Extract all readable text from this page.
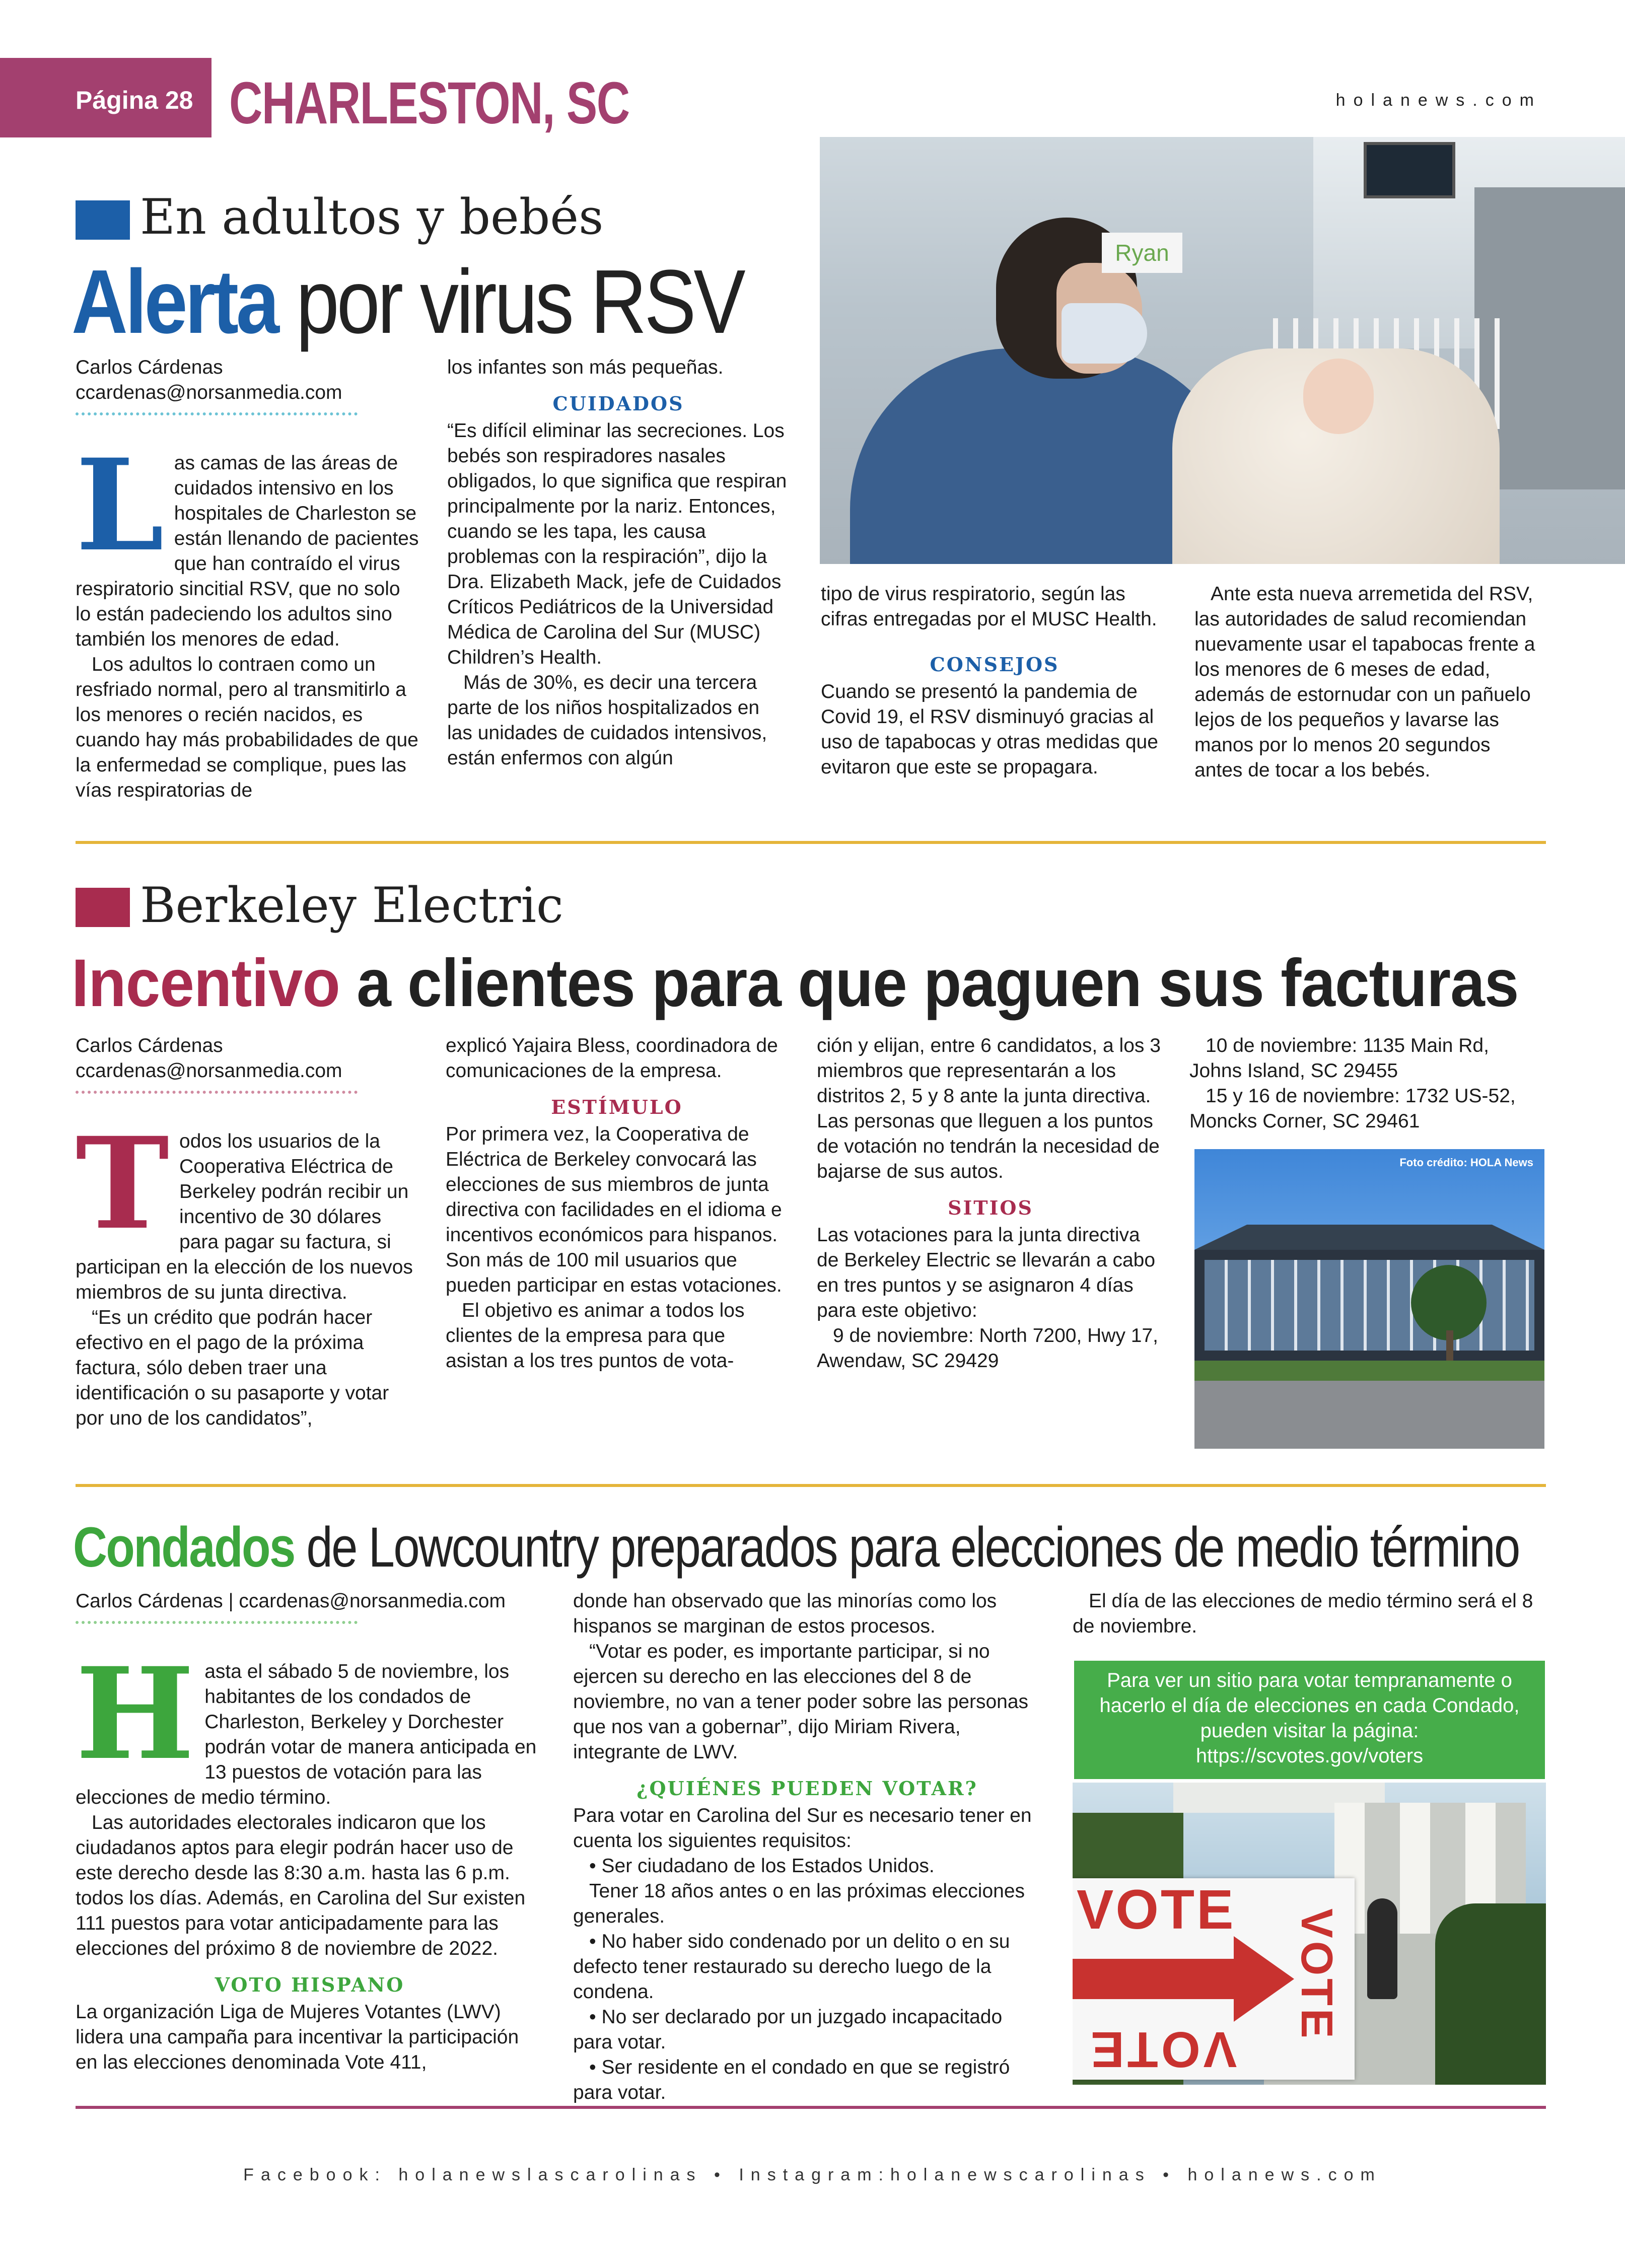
Página 28 CHARLESTON, SC	holanews.com
En adultos y bebés
Alerta por virus RSV	Ryan
Carlos Cárdenas
ccardenas@norsanmedia.com
L as camas de las áreas de cuidados intensivo en los hospitales de Charleston se están llenando de pacientes que han contraído el virus respiratorio sincitial RSV, que no solo lo están padeciendo los adultos sino también los menores de edad.

Los adultos lo contraen como un resfriado normal, pero al transmitirlo a los menores o recién nacidos, es cuando hay más probabilidades de que la enfermedad se complique, pues las vías respiratorias de

los infantes son más pequeñas.

CUIDADOS

“Es difícil eliminar las secreciones. Los bebés son respiradores nasales obligados, lo que significa que respiran principalmente por la nariz. Entonces, cuando se les tapa, les causa problemas con la respiración”, dijo la Dra. Elizabeth Mack, jefe de Cuidados Críticos Pediátricos de la Universidad Médica de Carolina del Sur (MUSC) Children’s Health.

Más de 30%, es decir una tercera parte de los niños hospitalizados en las unidades de cuidados intensivos, están enfermos con algún

tipo de virus respiratorio, según las cifras entregadas por el MUSC Health.

CONSEJOS

Cuando se presentó la pandemia de Covid 19, el RSV disminuyó gracias al uso de tapabocas y otras medidas que evitaron que este se propagara.

Ante esta nueva arremetida del RSV, las autoridades de salud recomiendan nuevamente usar el tapabocas frente a los menores de 6 meses de edad, además de estornudar con un pañuelo lejos de los pequeños y lavarse las manos por lo menos 20 segundos antes de tocar a los bebés.

Berkeley Electric
Incentivo a clientes para que paguen sus facturas
Carlos Cárdenas
ccardenas@norsanmedia.com
T odos los usuarios de la Cooperativa Eléctrica de Berkeley podrán recibir un incentivo de 30 dólares para pagar su factura, si participan en la elección de los nuevos miembros de su junta directiva.

“Es un crédito que podrán hacer efectivo en el pago de la próxima factura, sólo deben traer una identificación o su pasaporte y votar por uno de los candidatos”,

explicó Yajaira Bless, coordinadora de comunicaciones de la empresa.

ESTÍMULO

Por primera vez, la Cooperativa de Eléctrica de Berkeley convocará las elecciones de sus miembros de junta directiva con facilidades en el idioma e incentivos económicos para hispanos. Son más de 100 mil usuarios que pueden participar en estas votaciones.

El objetivo es animar a todos los clientes de la empresa para que asistan a los tres puntos de vota-

ción y elijan, entre 6 candidatos, a los 3 miembros que representarán a los distritos 2, 5 y 8 ante la junta directiva. Las personas que lleguen a los puntos de votación no tendrán la necesidad de bajarse de sus autos.

SITIOS

Las votaciones para la junta directiva de Berkeley Electric se llevarán a cabo en tres puntos y se asignaron 4 días para este objetivo:

9 de noviembre: North 7200, Hwy 17, Awendaw, SC 29429

10 de noviembre: 1135 Main Rd, Johns Island, SC 29455

15 y 16 de noviembre: 1732 US-52, Moncks Corner, SC 29461

Foto crédito: HOLA News
Condados de Lowcountry preparados para elecciones de medio término
Carlos Cárdenas | ccardenas@norsanmedia.com
H asta el sábado 5 de noviembre, los habitantes de los condados de Charleston, Berkeley y Dorchester podrán votar de manera anticipada en 13 puestos de votación para las elecciones de medio término.

Las autoridades electorales indicaron que los ciudadanos aptos para elegir podrán hacer uso de este derecho desde las 8:30 a.m. hasta las 6 p.m. todos los días. Además, en Carolina del Sur existen 111 puestos para votar anticipadamente para las elecciones del próximo 8 de noviembre de 2022.

VOTO HISPANO

La organización Liga de Mujeres Votantes (LWV) lidera una campaña para incentivar la participación en las elecciones denominada Vote 411,

donde han observado que las minorías como los hispanos se marginan de estos procesos.

“Votar es poder, es importante participar, si no ejercen su derecho en las elecciones del 8 de noviembre, no van a tener poder sobre las personas que nos van a gobernar”, dijo Miriam Rivera, integrante de LWV.

¿QUIÉNES PUEDEN VOTAR?

Para votar en Carolina del Sur es necesario tener en cuenta los siguientes requisitos:

• Ser ciudadano de los Estados Unidos.

Tener 18 años antes o en las próximas elecciones generales.

• No haber sido condenado por un delito o en su defecto tener restaurado su derecho luego de la condena.

• No ser declarado por un juzgado incapacitado para votar.

• Ser residente en el condado en que se registró para votar.

El día de las elecciones de medio término será el 8 de noviembre.

Para ver un sitio para votar tempranamente o hacerlo el día de elecciones en cada Condado, pueden visitar la página: https://scvotes.gov/voters
VOTE VOTE
VOTE
Facebook: holanewslascarolinas • Instagram:holanewscarolinas • holanews.com
